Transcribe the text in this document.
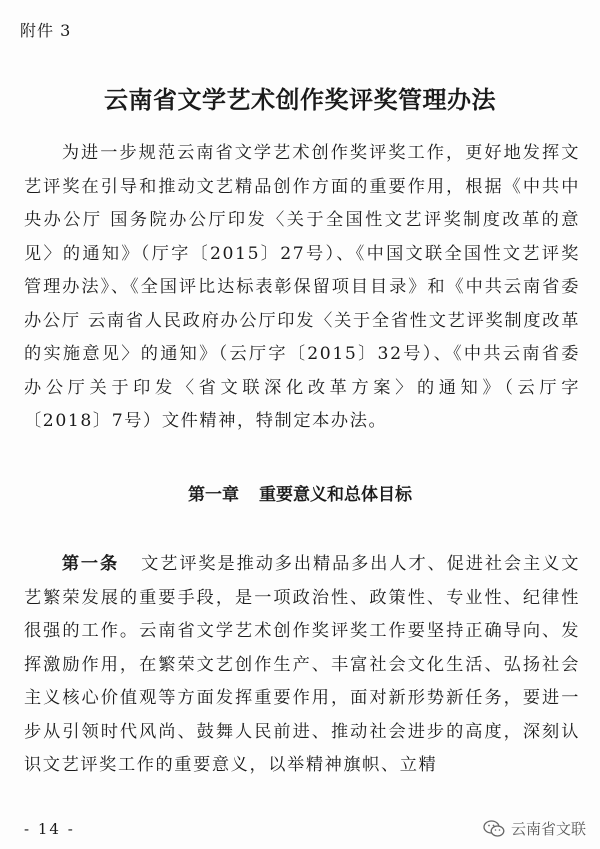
附件 3
云南省文学艺术创作奖评奖管理办法

为进一步规范云南省文学艺术创作奖评奖工作，更好地发挥文艺评奖在引导和推动文艺精品创作方面的重要作用，根据《中共中央办公厅 国务院办公厅印发〈关于全国性文艺评奖制度改革的意见〉的通知》（厅字〔2015〕27号）、《中国文联全国性文艺评奖管理办法》、《全国评比达标表彰保留项目目录》和《中共云南省委办公厅 云南省人民政府办公厅印发〈关于全省性文艺评奖制度改革的实施意见〉的通知》（云厅字〔2015〕32号）、《中共云南省委办公厅关于印发〈省文联深化改革方案〉的通知》（云厅字〔2018〕7号）文件精神，特制定本办法。

第一章 重要意义和总体目标

第一条 文艺评奖是推动多出精品多出人才、促进社会主义文艺繁荣发展的重要手段，是一项政治性、政策性、专业性、纪律性很强的工作。云南省文学艺术创作奖评奖工作要坚持正确导向、发挥激励作用，在繁荣文艺创作生产、丰富社会文化生活、弘扬社会主义核心价值观等方面发挥重要作用，面对新形势新任务，要进一步从引领时代风尚、鼓舞人民前进、推动社会进步的高度，深刻认识文艺评奖工作的重要意义，以举精神旗帜、立精

- 14 -	云南省文联
